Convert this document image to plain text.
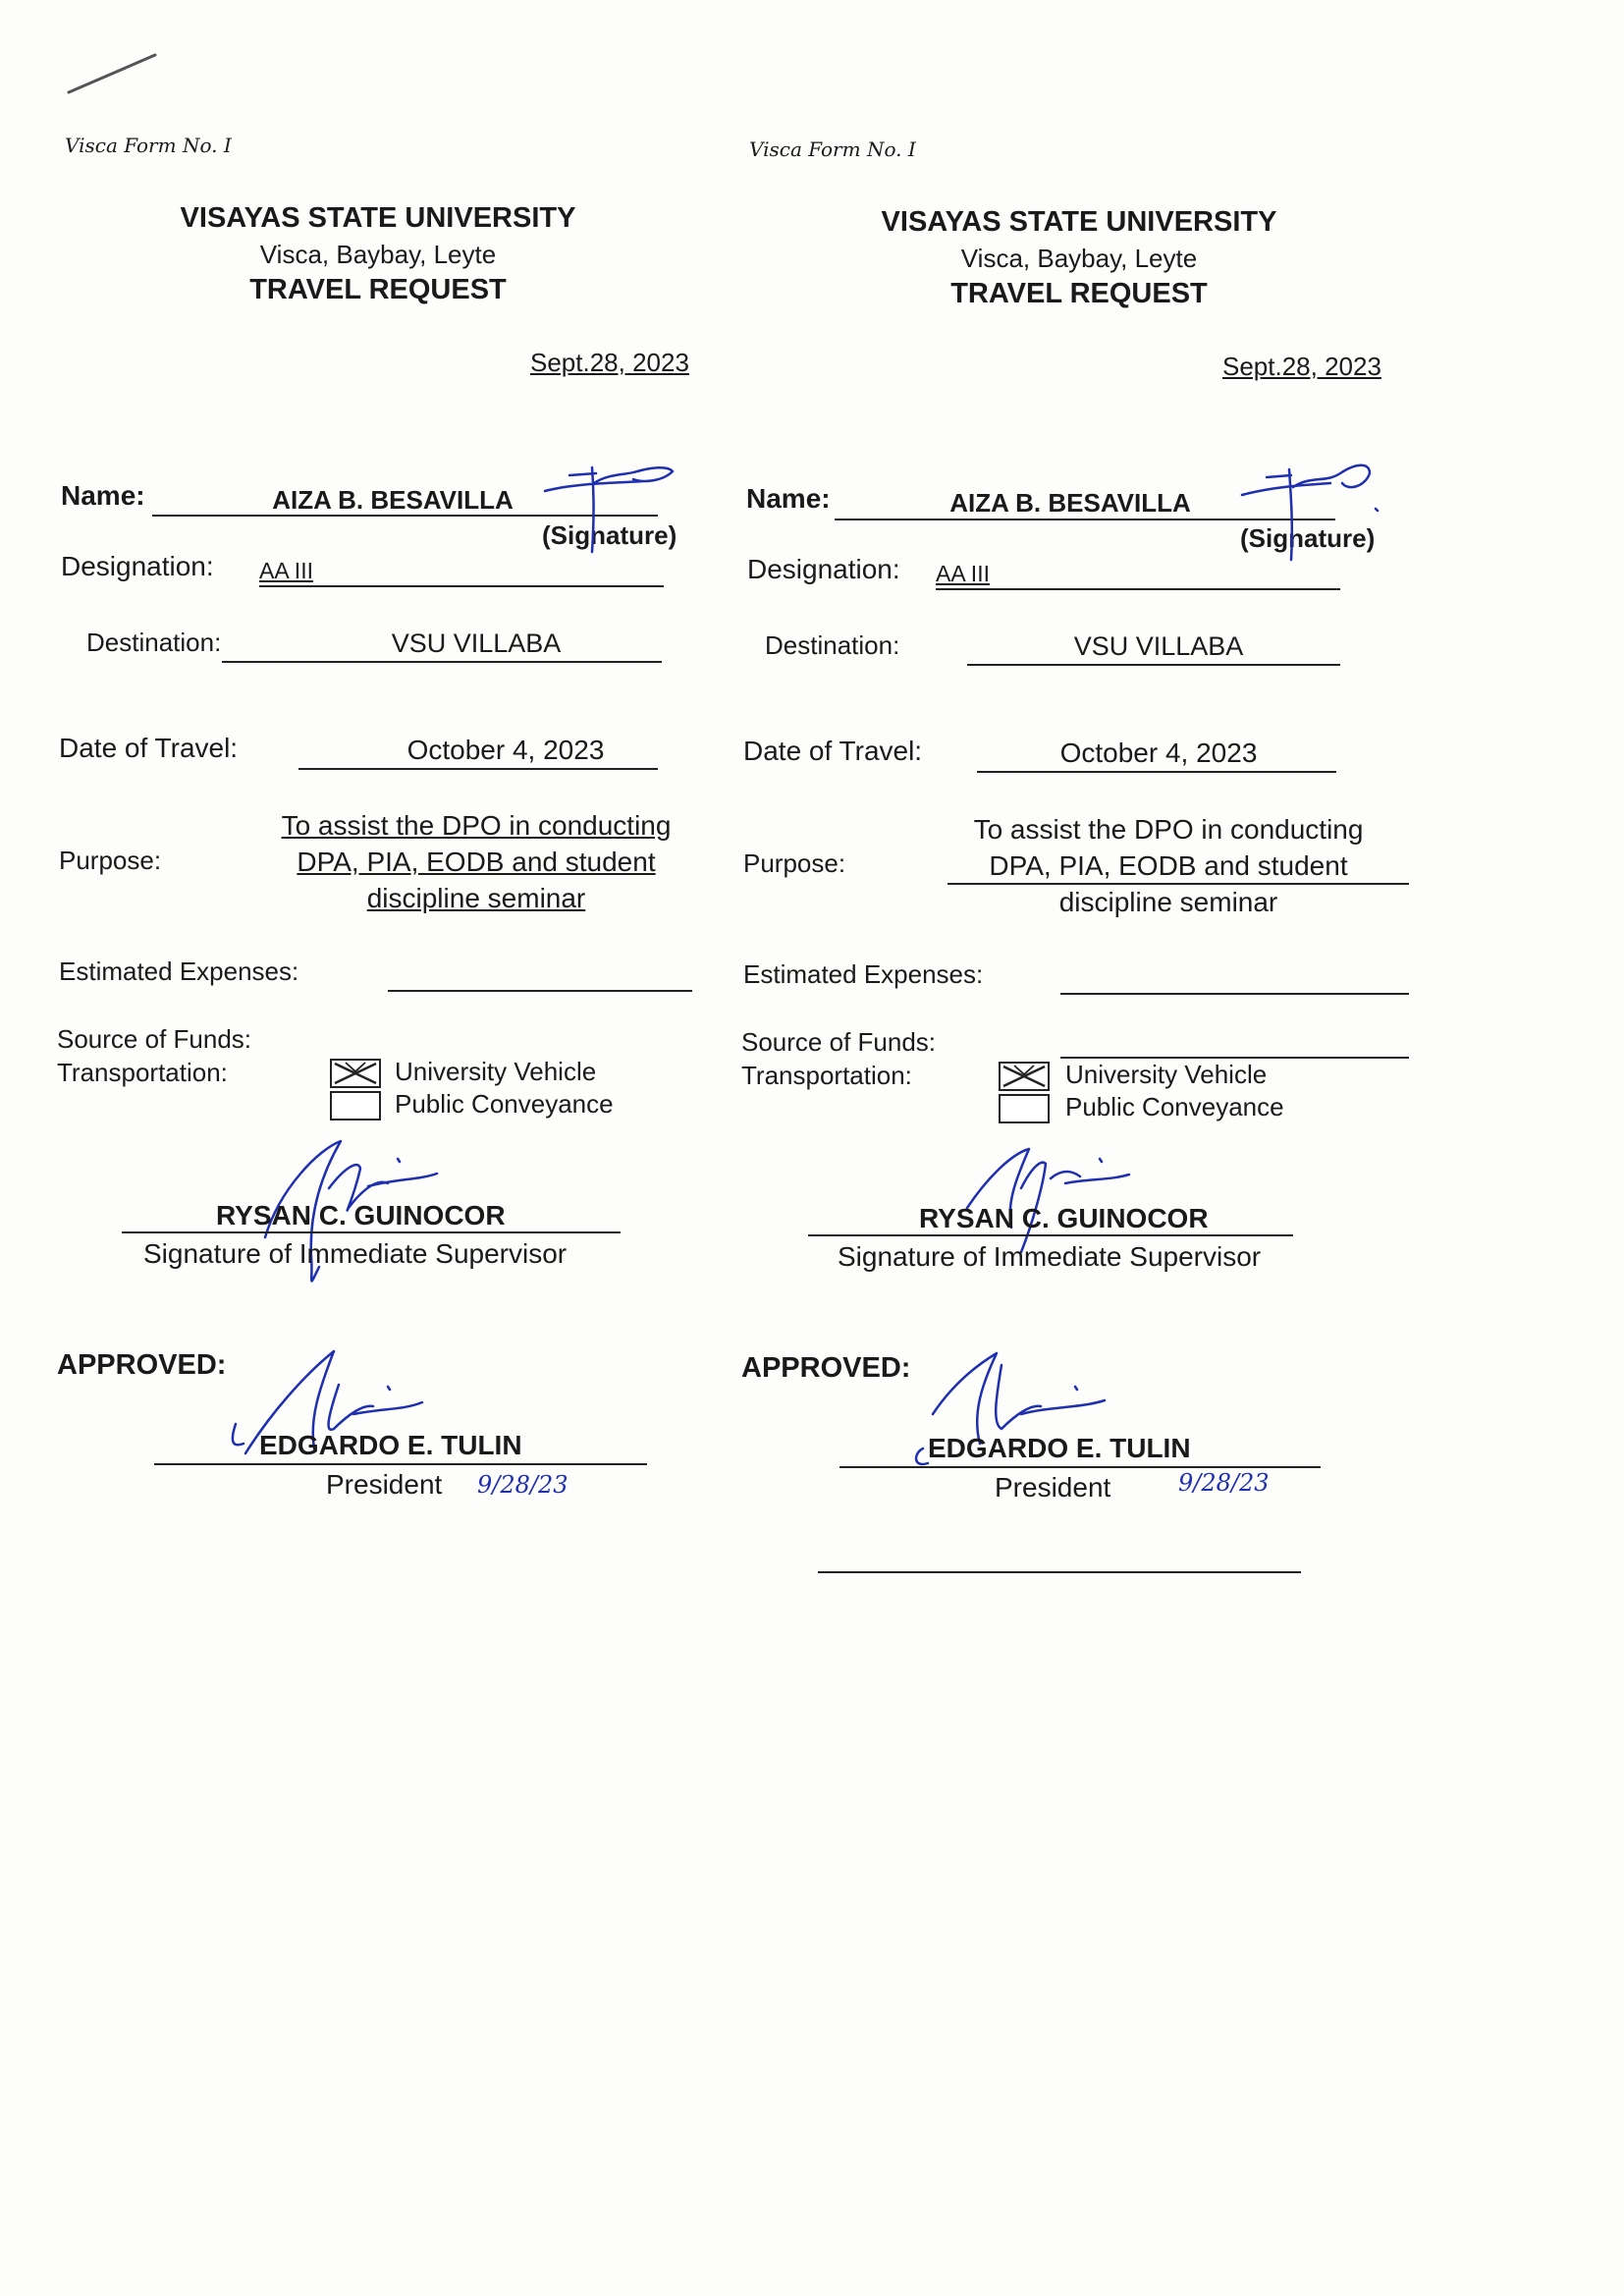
Visca Form No. I
VISAYAS STATE UNIVERSITY
Visca, Baybay, Leyte
TRAVEL REQUEST
Sept.28, 2023
Name:	AIZA B. BESAVILLA
(Signature)
Designation: AA III
Destination:	VSU VILLABA
Date of Travel:	October 4, 2023
Purpose:
To assist the DPO in conducting
DPA, PIA, EODB and student
discipline seminar
Estimated Expenses:
Source of Funds:
Transportation:	University Vehicle
Public Conveyance
RYSAN C. GUINOCOR
Signature of Immediate Supervisor
APPROVED:
EDGARDO E. TULIN
President 9/28/23
Visca Form No. I
VISAYAS STATE UNIVERSITY
Visca, Baybay, Leyte
TRAVEL REQUEST
Sept.28, 2023
Name:	AIZA B. BESAVILLA
(Signature)
Designation: AA III
Destination:	VSU VILLABA
Date of Travel:	October 4, 2023
Purpose:
To assist the DPO in conducting
DPA, PIA, EODB and student
discipline seminar
Estimated Expenses:
Source of Funds:
Transportation:	University Vehicle
Public Conveyance
RYSAN C. GUINOCOR
Signature of Immediate Supervisor
APPROVED:
EDGARDO E. TULIN
President	9/28/23
